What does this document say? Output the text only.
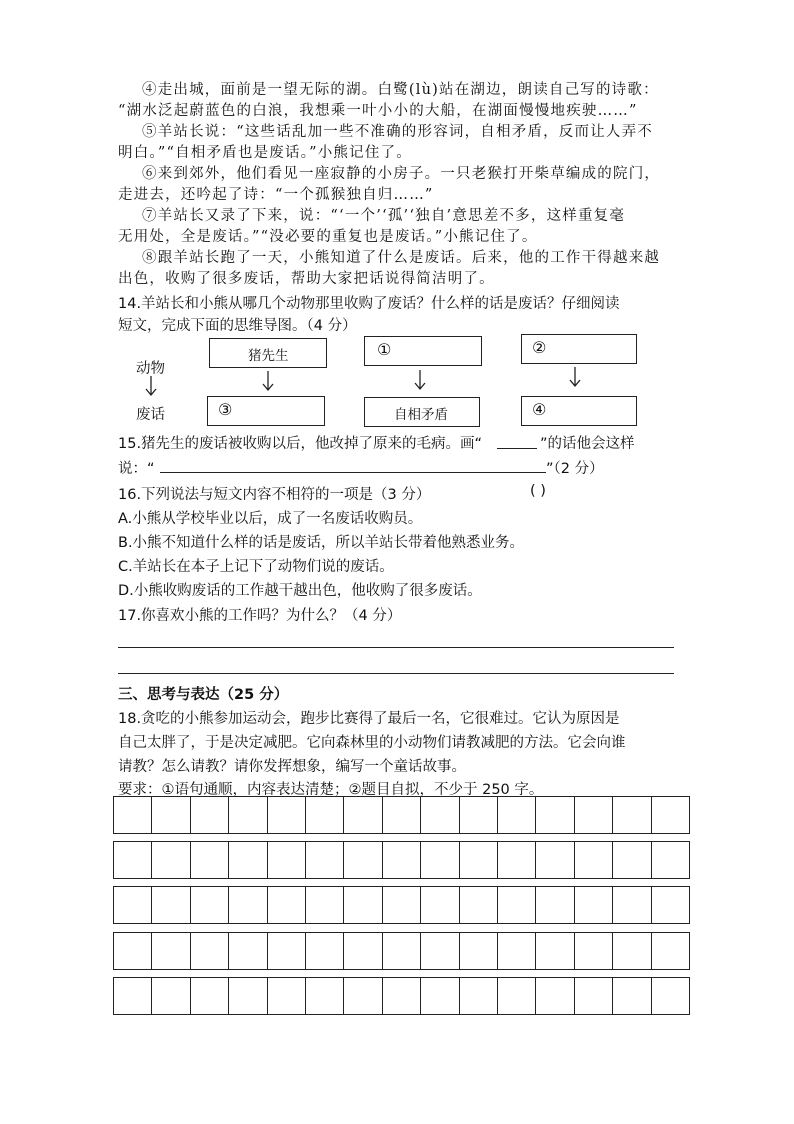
④走出城，面前是一望无际的湖。白鹭(lù)站在湖边，朗读自己写的诗歌：
“湖水泛起蔚蓝色的白浪，我想乘一叶小小的大船，在湖面慢慢地疾驶……”
⑤羊站长说：“这些话乱加一些不准确的形容词，自相矛盾，反而让人弄不
明白。”“自相矛盾也是废话。”小熊记住了。
⑥来到郊外，他们看见一座寂静的小房子。一只老猴打开柴草编成的院门，
走进去，还吟起了诗：“一个孤猴独自归……”
⑦羊站长又录了下来，说：“‘一个’‘孤’‘独自’意思差不多，这样重复毫
无用处，全是废话。”“没必要的重复也是废话。”小熊记住了。
⑧跟羊站长跑了一天，小熊知道了什么是废话。后来，他的工作干得越来越
出色，收购了很多废话，帮助大家把话说得简洁明了。
14.羊站长和小熊从哪几个动物那里收购了废话？什么样的话是废话？仔细阅读
短文，完成下面的思维导图。（4 分）
动物
废话
猪先生	①	②
③	自相矛盾	④
15.猪先生的废话被收购以后，他改掉了原来的毛病。画“	”的话他会这样
说：“	”（2 分）
16.下列说法与短文内容不相符的一项是（3 分）	( )
A.小熊从学校毕业以后，成了一名废话收购员。
B.小熊不知道什么样的话是废话，所以羊站长带着他熟悉业务。
C.羊站长在本子上记下了动物们说的废话。
D.小熊收购废话的工作越干越出色，他收购了很多废话。
17.你喜欢小熊的工作吗？为什么？（4 分）
三、思考与表达（25 分）
18.贪吃的小熊参加运动会，跑步比赛得了最后一名，它很难过。它认为原因是
自己太胖了，于是决定减肥。它向森林里的小动物们请教减肥的方法。它会向谁
请教？怎么请教？请你发挥想象，编写一个童话故事。
要求：①语句通顺，内容表达清楚；②题目自拟，不少于 250 字。
